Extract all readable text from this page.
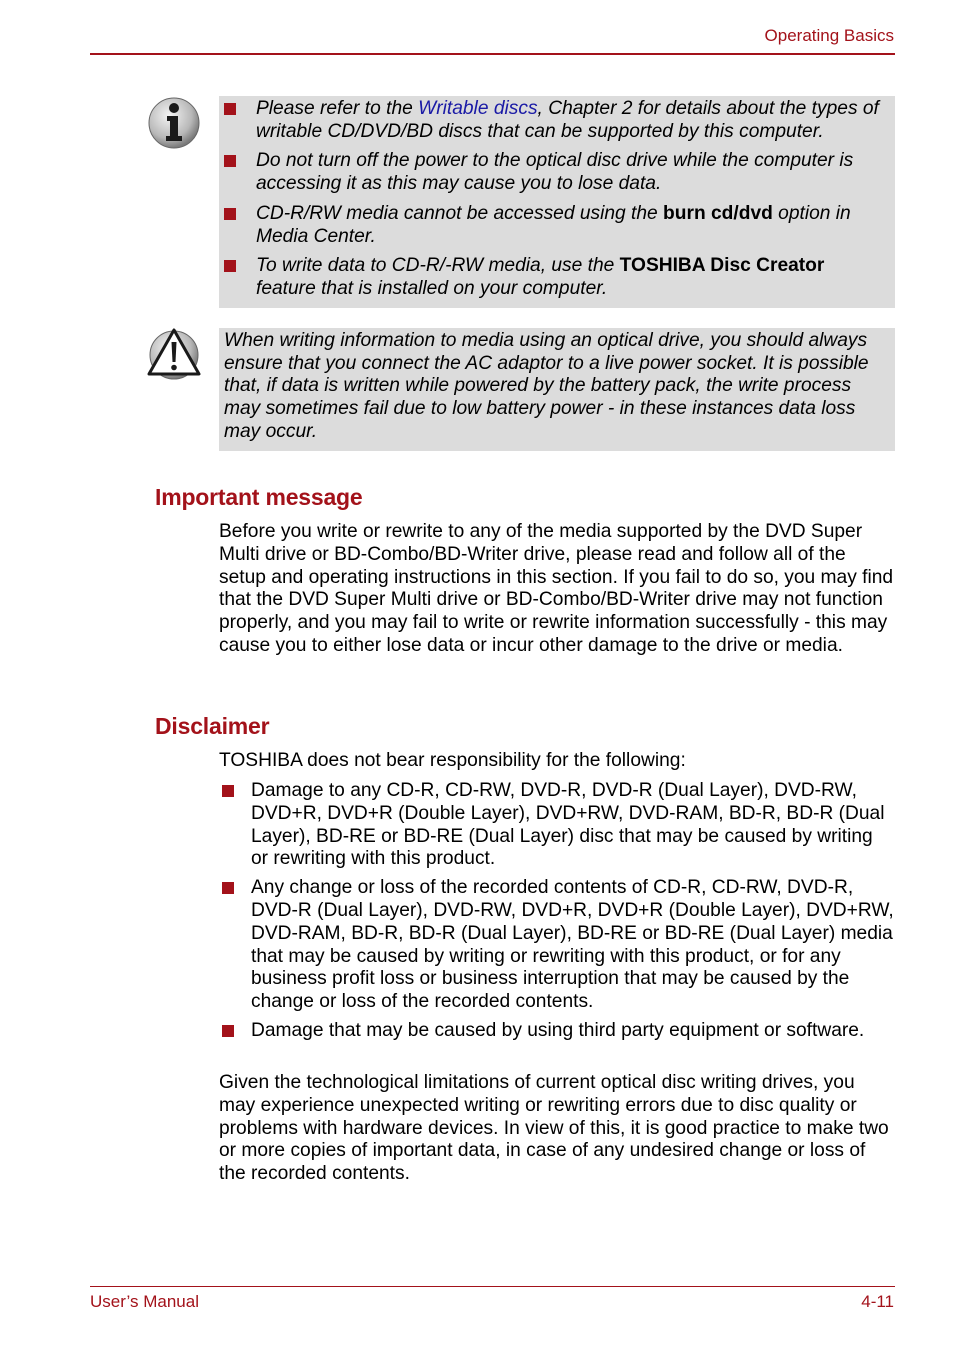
Operating Basics
Please refer to the Writable discs, Chapter 2 for details about the types of writable CD/DVD/BD discs that can be supported by this computer.
Do not turn off the power to the optical disc drive while the computer is accessing it as this may cause you to lose data.
CD-R/RW media cannot be accessed using the burn cd/dvd option in Media Center.
To write data to CD-R/-RW media, use the TOSHIBA Disc Creator feature that is installed on your computer.
When writing information to media using an optical drive, you should always ensure that you connect the AC adaptor to a live power socket. It is possible that, if data is written while powered by the battery pack, the write process may sometimes fail due to low battery power - in these instances data loss may occur.
Important message
Before you write or rewrite to any of the media supported by the DVD Super Multi drive or BD-Combo/BD-Writer drive, please read and follow all of the setup and operating instructions in this section. If you fail to do so, you may find that the DVD Super Multi drive or BD-Combo/BD-Writer drive may not function properly, and you may fail to write or rewrite information successfully - this may cause you to either lose data or incur other damage to the drive or media.
Disclaimer
TOSHIBA does not bear responsibility for the following:
Damage to any CD-R, CD-RW, DVD-R, DVD-R (Dual Layer), DVD-RW, DVD+R, DVD+R (Double Layer), DVD+RW, DVD-RAM, BD-R, BD-R (Dual Layer), BD-RE or BD-RE (Dual Layer) disc that may be caused by writing or rewriting with this product.
Any change or loss of the recorded contents of CD-R, CD-RW, DVD-R, DVD-R (Dual Layer), DVD-RW, DVD+R, DVD+R (Double Layer), DVD+RW, DVD-RAM, BD-R, BD-R (Dual Layer), BD-RE or BD-RE (Dual Layer) media that may be caused by writing or rewriting with this product, or for any business profit loss or business interruption that may be caused by the change or loss of the recorded contents.
Damage that may be caused by using third party equipment or software.
Given the technological limitations of current optical disc writing drives, you may experience unexpected writing or rewriting errors due to disc quality or problems with hardware devices. In view of this, it is good practice to make two or more copies of important data, in case of any undesired change or loss of the recorded contents.
User’s Manual	4-11
